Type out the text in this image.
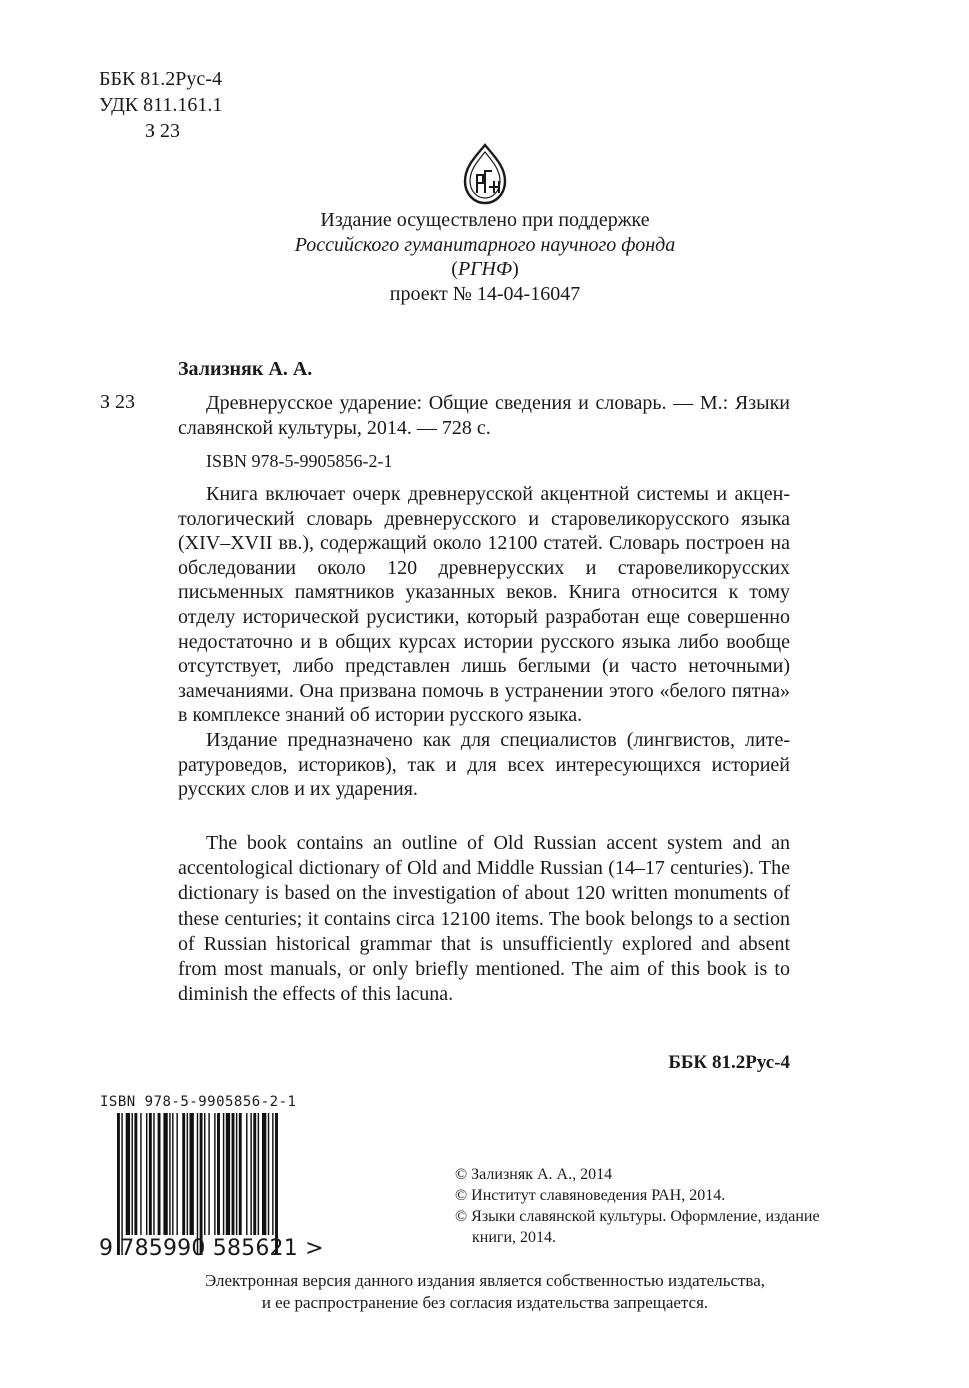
ББК 81.2Рус-4
УДК 811.161.1
З 23
Издание осуществлено при поддержке
Российского гуманитарного научного фонда
(РГНФ)
проект № 14-04-16047
Зализняк А. А.
З 23	Древнерусское ударение: Общие сведения и словарь. — М.: Языки славянской культуры, 2014. — 728 с.
ISBN 978-5-9905856-2-1

Книга включает очерк древнерусской акцентной системы и акцентологический словарь древнерусского и старовеликорусского языка (XIV–XVII вв.), содержащий около 12100 статей. Словарь построен на обследовании около 120 древнерусских и старовеликорусских письменных памятников указанных веков. Книга относится к тому отделу исторической русистики, который разработан еще совершенно недостаточно и в общих курсах истории русского языка либо вообще отсутствует, либо представлен лишь беглыми (и часто неточными) замечаниями. Она призвана помочь в устранении этого «белого пятна» в комплексе знаний об истории русского языка.

Издание предназначено как для специалистов (лингвистов, литературоведов, историков), так и для всех интересующихся историей русских слов и их ударения.

The book contains an outline of Old Russian accent system and an accentological dictionary of Old and Middle Russian (14–17 centuries). The dictionary is based on the investigation of about 120 written monuments of these centuries; it contains circa 12100 items. The book belongs to a section of Russian historical grammar that is unsufficiently explored and absent from most manuals, or only briefly mentioned. The aim of this book is to diminish the effects of this lacuna.

ББК 81.2Рус-4
ISBN 978-5-9905856-2-1
9 785990 585621 >
© Зализняк А. А., 2014
© Институт славяноведения РАН, 2014.
© Языки славянской культуры. Оформление, издание
книги, 2014.
Электронная версия данного издания является собственностью издательства,
и ее распространение без согласия издательства запрещается.
